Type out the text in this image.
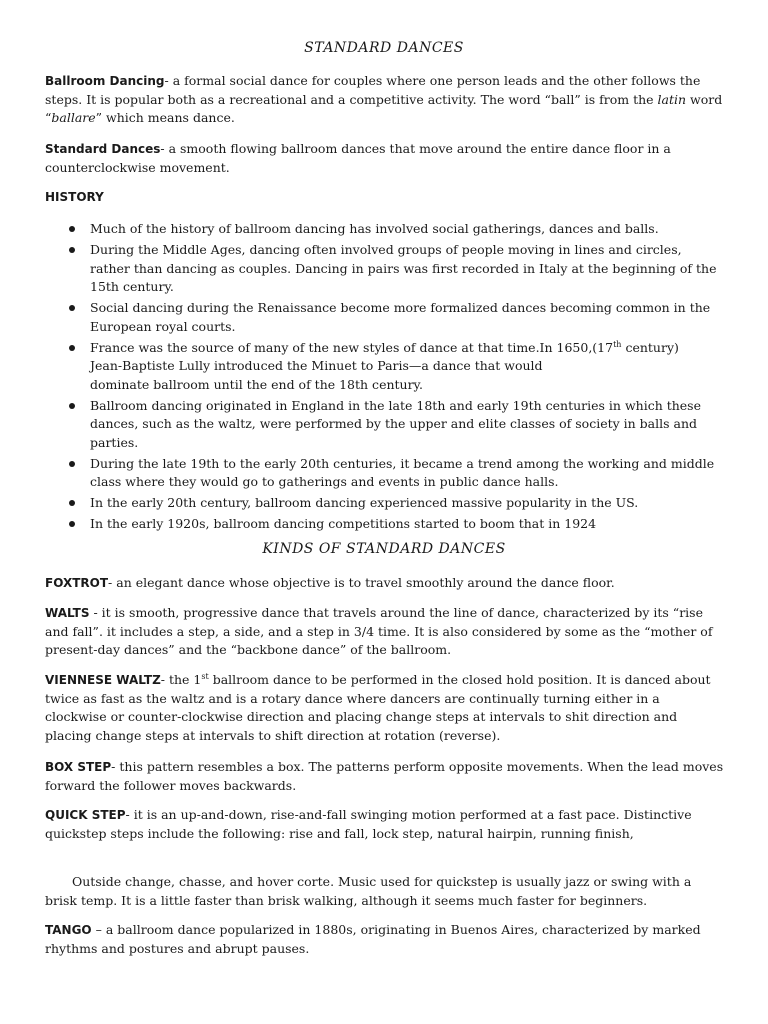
STANDARD DANCES
Ballroom Dancing- a formal social dance for couples where one person leads and the other follows the steps. It is popular both as a recreational and a competitive activity. The word “ball” is from the latin word “ballare” which means dance.
Standard Dances- a smooth flowing ballroom dances that move around the entire dance floor in a counterclockwise movement.
HISTORY
Much of the history of ballroom dancing has involved social gatherings, dances and balls.
During the Middle Ages, dancing often involved groups of people moving in lines and circles, rather than dancing as couples. Dancing in pairs was first recorded in Italy at the beginning of the 15th century.
Social dancing during the Renaissance become more formalized dances becoming common in the European royal courts.
France was the source of many of the new styles of dance at that time.In 1650,(17th century)
Jean-Baptiste Lully introduced the Minuet to Paris—a dance that would
dominate ballroom until the end of the 18th century.
Ballroom dancing originated in England in the late 18th and early 19th centuries in which these dances, such as the waltz, were performed by the upper and elite classes of society in balls and parties.
During the late 19th to the early 20th centuries, it became a trend among the working and middle class where they would go to gatherings and events in public dance halls.
In the early 20th century, ballroom dancing experienced massive popularity in the US.
In the early 1920s, ballroom dancing competitions started to boom that in 1924
KINDS OF STANDARD DANCES
FOXTROT- an elegant dance whose objective is to travel smoothly around the dance floor.
WALTS - it is smooth, progressive dance that travels around the line of dance, characterized by its “rise and fall”. it includes a step, a side, and a step in 3/4 time. It is also considered by some as the “mother of present-day dances” and the “backbone dance” of the ballroom.
VIENNESE WALTZ- the 1st ballroom dance to be performed in the closed hold position. It is danced about twice as fast as the waltz and is a rotary dance where dancers are continually turning either in a clockwise or counter-clockwise direction and placing change steps at intervals to shit direction and placing change steps at intervals to shift direction at rotation (reverse).
BOX STEP- this pattern resembles a box. The patterns perform opposite movements. When the lead moves forward the follower moves backwards.
QUICK STEP- it is an up-and-down, rise-and-fall swinging motion performed at a fast pace. Distinctive quickstep steps include the following: rise and fall, lock step, natural hairpin, running finish,
Outside change, chasse, and hover corte. Music used for quickstep is usually jazz or swing with a brisk temp. It is a little faster than brisk walking, although it seems much faster for beginners.
TANGO – a ballroom dance popularized in 1880s, originating in Buenos Aires, characterized by marked rhythms and postures and abrupt pauses.
